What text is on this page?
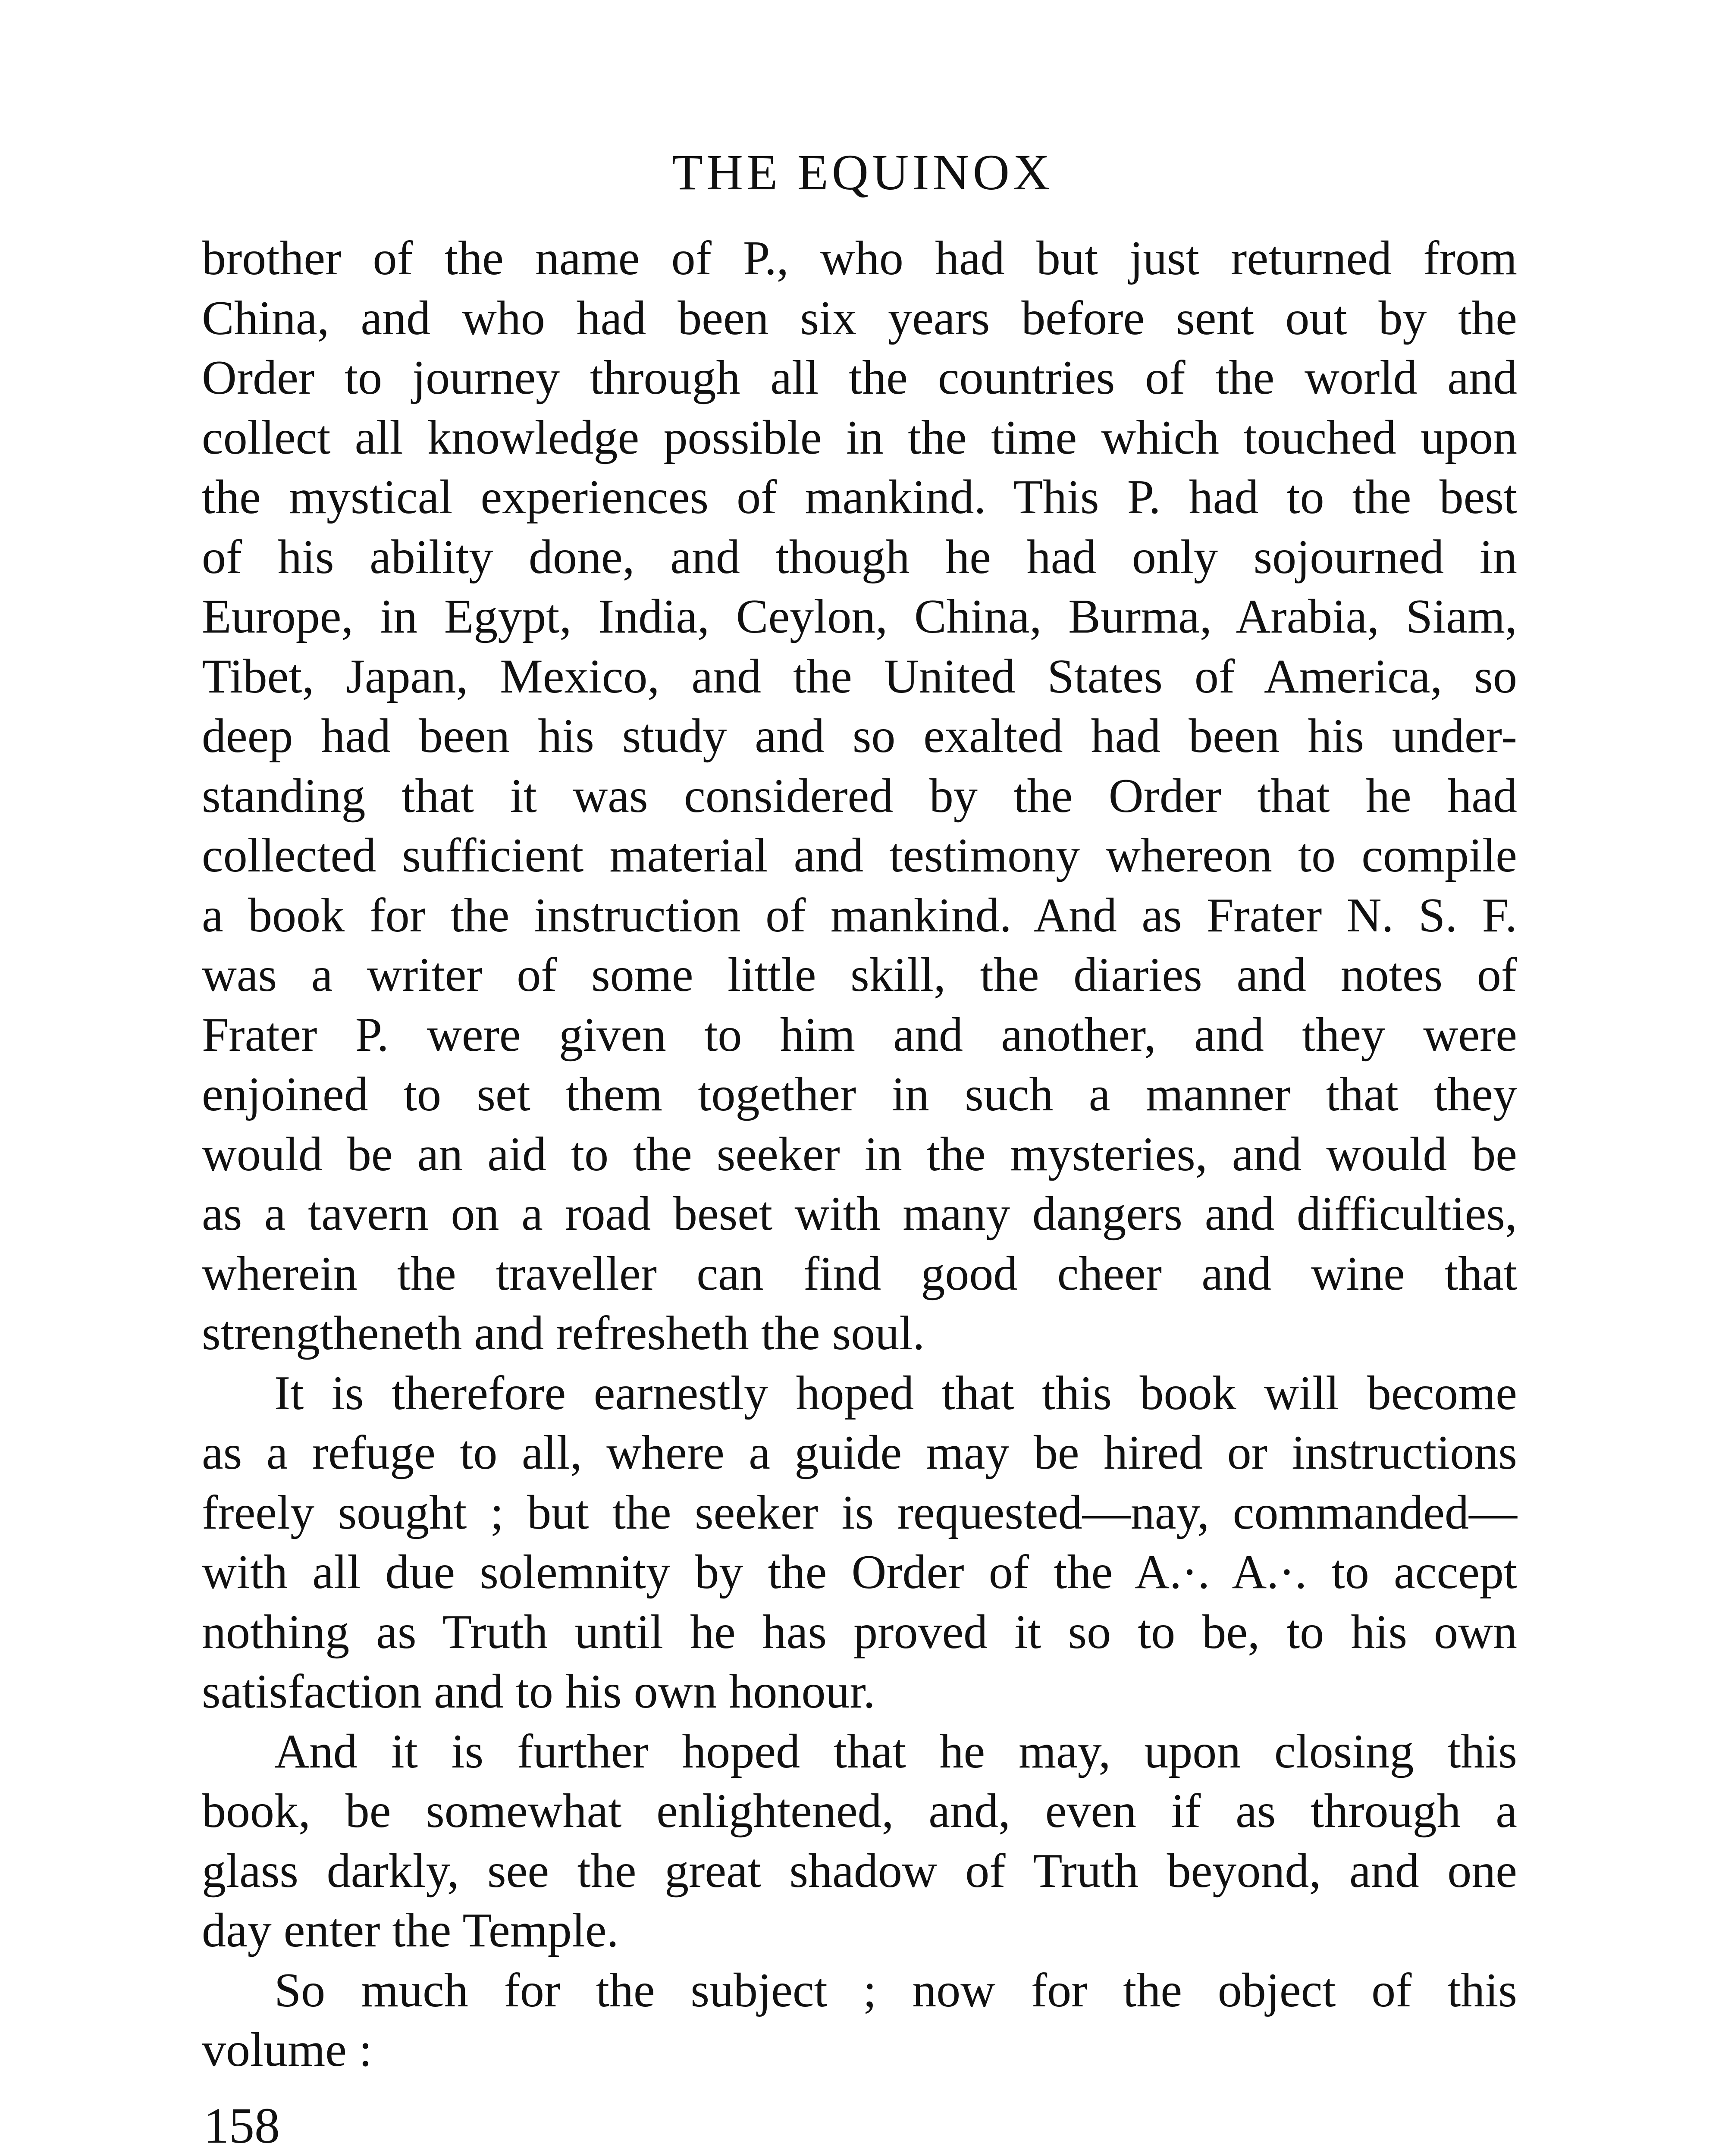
THE EQUINOX
brother of the name of P., who had but just returned from
China, and who had been six years before sent out by the
Order to journey through all the countries of the world and
collect all knowledge possible in the time which touched upon
the mystical experiences of mankind. This P. had to the best
of his ability done, and though he had only sojourned in
Europe, in Egypt, India, Ceylon, China, Burma, Arabia, Siam,
Tibet, Japan, Mexico, and the United States of America, so
deep had been his study and so exalted had been his under-
standing that it was considered by the Order that he had
collected sufficient material and testimony whereon to compile
a book for the instruction of mankind. And as Frater N. S. F.
was a writer of some little skill, the diaries and notes of
Frater P. were given to him and another, and they were
enjoined to set them together in such a manner that they
would be an aid to the seeker in the mysteries, and would be
as a tavern on a road beset with many dangers and difficulties,
wherein the traveller can find good cheer and wine that
strengtheneth and refresheth the soul.
It is therefore earnestly hoped that this book will become
as a refuge to all, where a guide may be hired or instructions
freely sought ; but the seeker is requested—nay, commanded—
with all due solemnity by the Order of the A.·. A.·. to accept
nothing as Truth until he has proved it so to be, to his own
satisfaction and to his own honour.
And it is further hoped that he may, upon closing this
book, be somewhat enlightened, and, even if as through a
glass darkly, see the great shadow of Truth beyond, and one
day enter the Temple.
So much for the subject ; now for the object of this
volume :
158
